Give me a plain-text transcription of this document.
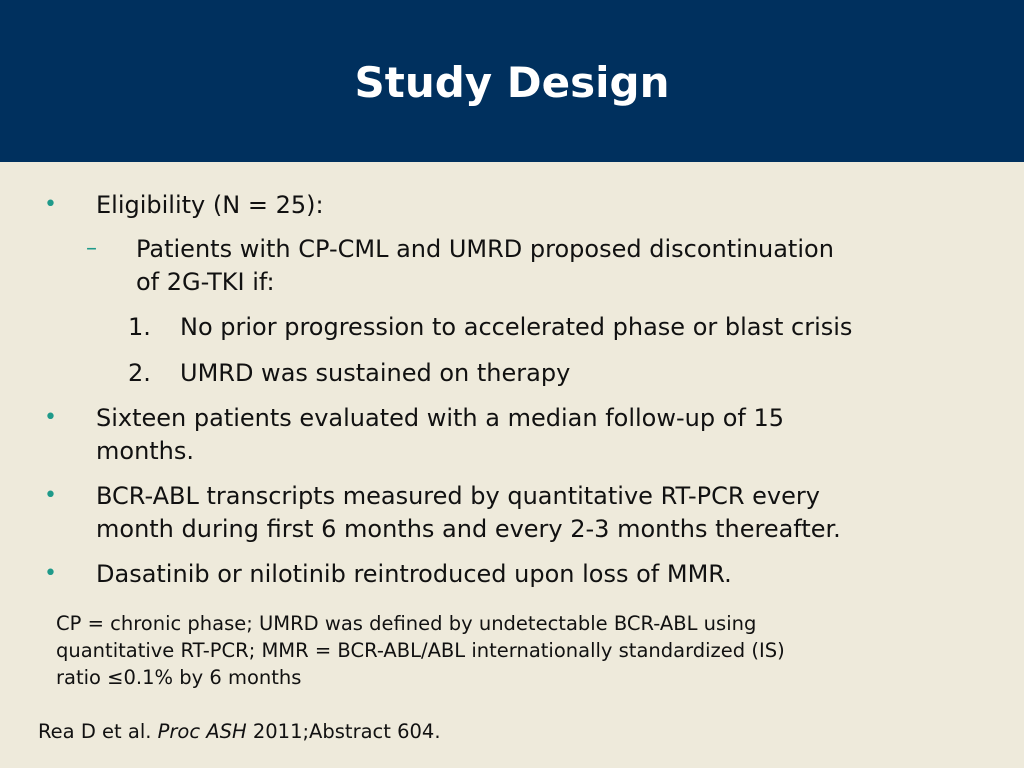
Study Design
• Eligibility (N = 25):
– Patients with CP-CML and UMRD proposed discontinuation
of 2G-TKI if:
1. No prior progression to accelerated phase or blast crisis
2. UMRD was sustained on therapy
• Sixteen patients evaluated with a median follow-up of 15
months.
• BCR-ABL transcripts measured by quantitative RT-PCR every
month during first 6 months and every 2-3 months thereafter.
• Dasatinib or nilotinib reintroduced upon loss of MMR.
CP = chronic phase; UMRD was defined by undetectable BCR-ABL using
quantitative RT-PCR; MMR = BCR-ABL/ABL internationally standardized (IS)
ratio ≤0.1% by 6 months
Rea D et al. Proc ASH 2011;Abstract 604.
